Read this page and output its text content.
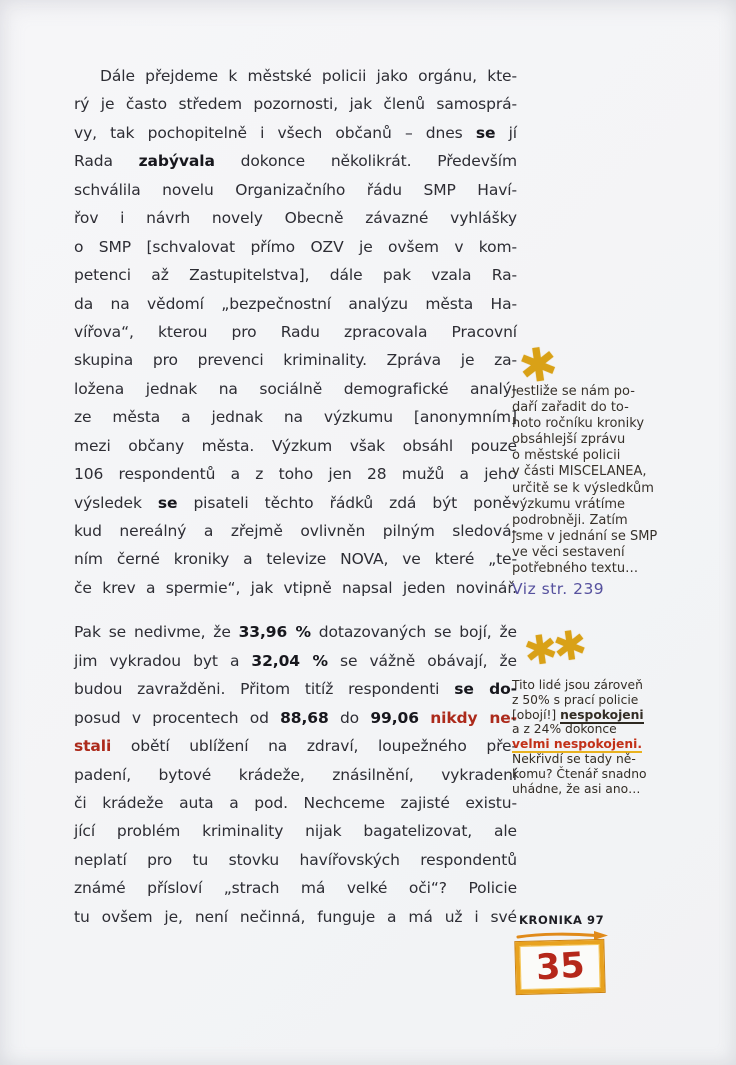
Dále přejdeme k městské policii jako orgánu, kte-
rý je často středem pozornosti, jak členů samosprá-
vy, tak pochopitelně i všech občanů – dnes se jí
Rada zabývala dokonce několikrát. Především
schválila novelu Organizačního řádu SMP Haví-
řov i návrh novely Obecně závazné vyhlášky
o SMP [schvalovat přímo OZV je ovšem v kom-
petenci až Zastupitelstva], dále pak vzala Ra-
da na vědomí „bezpečnostní analýzu města Ha-
vířova“, kterou pro Radu zpracovala Pracovní
skupina pro prevenci kriminality. Zpráva je za-
ložena jednak na sociálně demografické analý-
ze města a jednak na výzkumu [anonymním]
mezi občany města. Výzkum však obsáhl pouze
106 respondentů a z toho jen 28 mužů a jeho
výsledek se pisateli těchto řádků zdá být poně-
kud nereálný a zřejmě ovlivněn pilným sledová-
ním černé kroniky a televize NOVA, ve které „te-
če krev a spermie“, jak vtipně napsal jeden novinář.
Pak se nedivme, že 33,96 % dotazovaných se bojí, že
jim vykradou byt a 32,04 % se vážně obávají, že
budou zavražděni. Přitom titíž respondenti se do-
posud v procentech od 88,68 do 99,06 nikdy ne-
stali obětí ublížení na zdraví, loupežného pře-
padení, bytové krádeže, znásilnění, vykradení
či krádeže auta a pod. Nechceme zajisté existu-
jící problém kriminality nijak bagatelizovat, ale
neplatí pro tu stovku havířovských respondentů
známé přísloví „strach má velké oči“? Policie
tu ovšem je, není nečinná, funguje a má už i své
✱
Jestliže se nám po-
daří zařadit do to-
hoto ročníku kroniky
obsáhlejší zprávu
o městské policii
v části MISCELANEA,
určitě se k výsledkům
výzkumu vrátíme
podrobněji. Zatím
jsme v jednání se SMP
ve věci sestavení
potřebného textu…
Viz str. 239
✱✱
Tito lidé jsou zároveň
z 50% s prací policie
[obojí!] nespokojeni
a z 24% dokonce
velmi nespokojeni.
Nekřivdí se tady ně-
komu? Čtenář snadno
uhádne, že asi ano…
KRONIKA 97
35
